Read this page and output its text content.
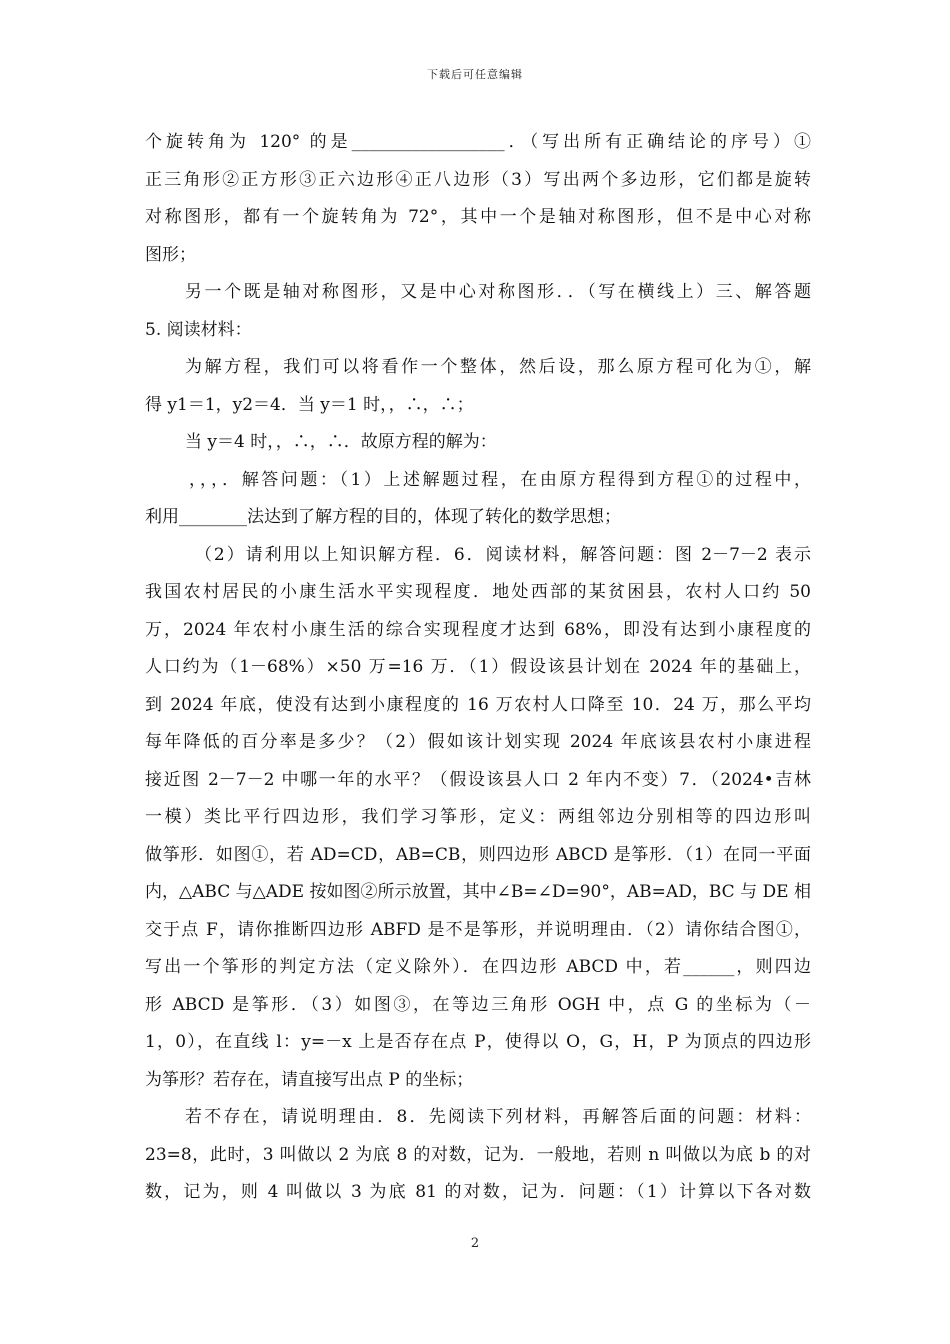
下载后可任意编辑
个旋转角为 120° 的是__________________．（写出所有正确结论的序号）①
正三角形②正方形③正六边形④正八边形（3）写出两个多边形，它们都是旋转
对称图形，都有一个旋转角为 72°，其中一个是轴对称图形，但不是中心对称
图形；
另一个既是轴对称图形，又是中心对称图形．．（写在横线上）三、解答题
5. 阅读材料：
为解方程，我们可以将看作一个整体，然后设，那么原方程可化为①，解
得 y1＝1，y2＝4．当 y＝1 时，，∴，∴；
当 y＝4 时，，∴，∴．故原方程的解为：
，，，．解答问题：（1）上述解题过程，在由原方程得到方程①的过程中，
利用________法达到了解方程的目的，体现了转化的数学思想；
（2）请利用以上知识解方程．6．阅读材料，解答问题：图 2－7－2 表示
我国农村居民的小康生活水平实现程度．地处西部的某贫困县，农村人口约 50
万，2024 年农村小康生活的综合实现程度才达到 68%，即没有达到小康程度的
人口约为（1－68%）×50 万=16 万．（1）假设该县计划在 2024 年的基础上，
到 2024 年底，使没有达到小康程度的 16 万农村人口降至 10．24 万，那么平均
每年降低的百分率是多少？（2）假如该计划实现 2024 年底该县农村小康进程
接近图 2－7－2 中哪一年的水平？（假设该县人口 2 年内不变）7．（2024•吉林
一模）类比平行四边形，我们学习筝形，定义：两组邻边分别相等的四边形叫
做筝形．如图①，若 AD=CD，AB=CB，则四边形 ABCD 是筝形．（1）在同一平面
内，△ABC 与△ADE 按如图②所示放置，其中∠B=∠D=90°，AB=AD，BC 与 DE 相
交于点 F，请你推断四边形 ABFD 是不是筝形，并说明理由．（2）请你结合图①，
写出一个筝形的判定方法（定义除外）．在四边形 ABCD 中，若______，则四边
形 ABCD 是筝形．（3）如图③，在等边三角形 OGH 中，点 G 的坐标为（－
1，0），在直线 l：y=－x 上是否存在点 P，使得以 O，G，H，P 为顶点的四边形
为筝形？若存在，请直接写出点 P 的坐标；
若不存在，请说明理由．8．先阅读下列材料，再解答后面的问题：材料：
23=8，此时，3 叫做以 2 为底 8 的对数，记为．一般地，若则 n 叫做以为底 b 的对
数，记为，则 4 叫做以 3 为底 81 的对数，记为．问题：（1）计算以下各对数
2
